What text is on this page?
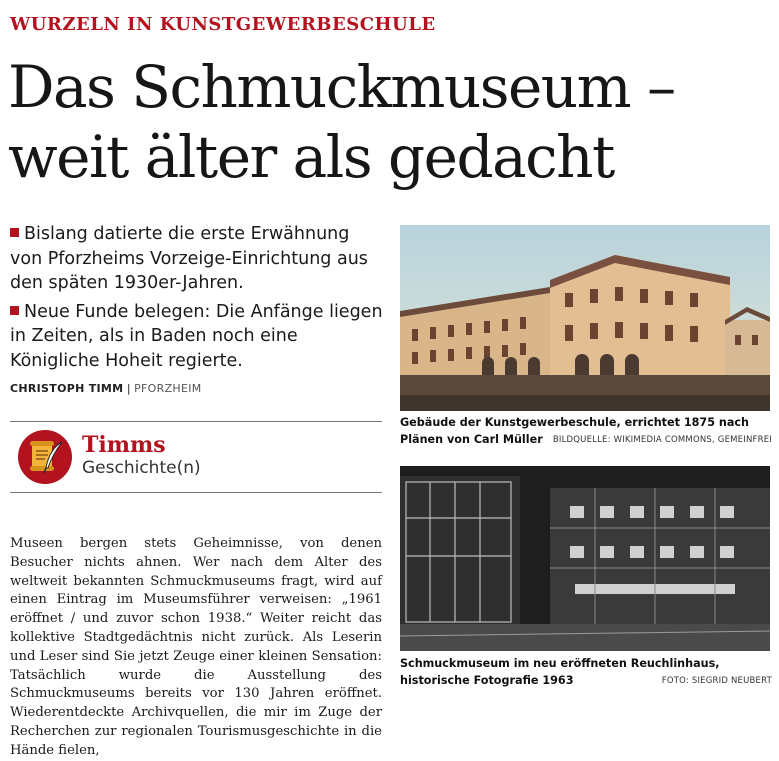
WURZELN IN KUNSTGEWERBESCHULE
Das Schmuckmuseum –
weit älter als gedacht

Bislang datierte die erste Erwähnung von Pforzheims Vorzeige-Einrichtung aus den späten 1930er-Jahren.

Neue Funde belegen: Die Anfänge liegen in Zeiten, als in Baden noch eine Königliche Hoheit regierte.

CHRISTOPH TIMM | PFORZHEIM
Timms
Geschichte(n)

Museen bergen stets Geheimnisse, von denen Besucher nichts ahnen. Wer nach dem Alter des weltweit bekannten Schmuckmuseums fragt, wird auf einen Eintrag im Museumsführer verweisen: „1961 eröffnet / und zuvor schon 1938.“ Weiter reicht das kollektive Stadtgedächtnis nicht zurück. Als Leserin und Leser sind Sie jetzt Zeuge einer kleinen Sensation: Tatsächlich wurde die Ausstellung des Schmuckmuseums bereits vor 130 Jahren eröffnet. Wiederentdeckte Archivquellen, die mir im Zuge der Recherchen zur regionalen Tourismusgeschichte in die Hände fielen,

Gebäude der Kunstgewerbeschule, errichtet 1875 nach Plänen von Carl Müller BILDQUELLE: WIKIMEDIA COMMONS, GEMEINFREI
Schmuckmuseum im neu eröffneten Reuchlinhaus, historische Fotografie 1963	FOTO: SIEGRID NEUBERT
